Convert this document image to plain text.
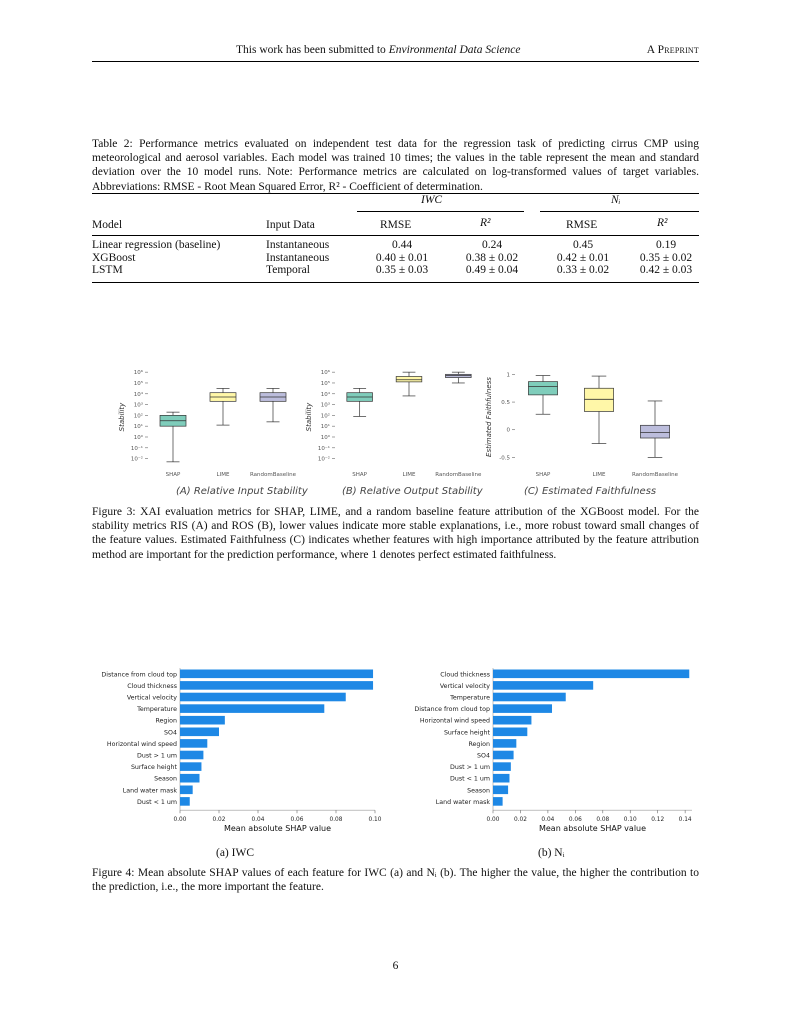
This work has been submitted to Environmental Data Science	A Preprint
Table 2: Performance metrics evaluated on independent test data for the regression task of predicting cirrus CMP using meteorological and aerosol variables. Each model was trained 10 times; the values in the table represent the mean and standard deviation over the 10 model runs. Note: Performance metrics are calculated on log-transformed values of target variables. Abbreviations: RMSE - Root Mean Squared Error, R² - Coefficient of determination.
IWC	Nᵢ
Model	Input Data	RMSE	R²	RMSE	R²
Linear regression (baseline)	Instantaneous	0.44	0.24	0.45	0.19
XGBoost	Instantaneous	0.40 ± 0.01	0.38 ± 0.02	0.42 ± 0.01	0.35 ± 0.02
LSTM	Temporal	0.35 ± 0.03	0.49 ± 0.04	0.33 ± 0.02	0.42 ± 0.03
10⁻²
10⁻¹
10⁰
10¹
10²
10³
10⁴
10⁵
10⁶
Stability
SHAP	LIME	RandomBaseline
10⁻²
10⁻¹
10⁰
10¹
10²
10³
10⁴
10⁵
10⁶
Stability
SHAP	LIME	RandomBaseline
-0.5
0
0.5
1
Estimated Faithfulness
SHAP	LIME	RandomBaseline
(A) Relative Input Stability	(B) Relative Output Stability	(C) Estimated Faithfulness
Figure 3: XAI evaluation metrics for SHAP, LIME, and a random baseline feature attribution of the XGBoost model. For the stability metrics RIS (A) and ROS (B), lower values indicate more stable explanations, i.e., more robust toward small changes of the feature values. Estimated Faithfulness (C) indicates whether features with high importance attributed by the feature attribution method are important for the prediction performance, where 1 denotes perfect estimated faithfulness.
Distance from cloud top
Cloud thickness
Vertical velocity
Temperature
Region
SO4
Horizontal wind speed
Dust > 1 um
Surface height
Season
Land water mask
Dust < 1 um
0.00	0.02	0.04	0.06	0.08	0.10
Mean absolute SHAP value
Cloud thickness
Vertical velocity
Temperature
Distance from cloud top
Horizontal wind speed
Surface height
Region
SO4
Dust > 1 um
Dust < 1 um
Season
Land water mask
0.00	0.02	0.04	0.06	0.08	0.10	0.12	0.14
Mean absolute SHAP value
(a) IWC	(b) Nᵢ
Figure 4: Mean absolute SHAP values of each feature for IWC (a) and Nᵢ (b). The higher the value, the higher the contribution to the prediction, i.e., the more important the feature.
6
